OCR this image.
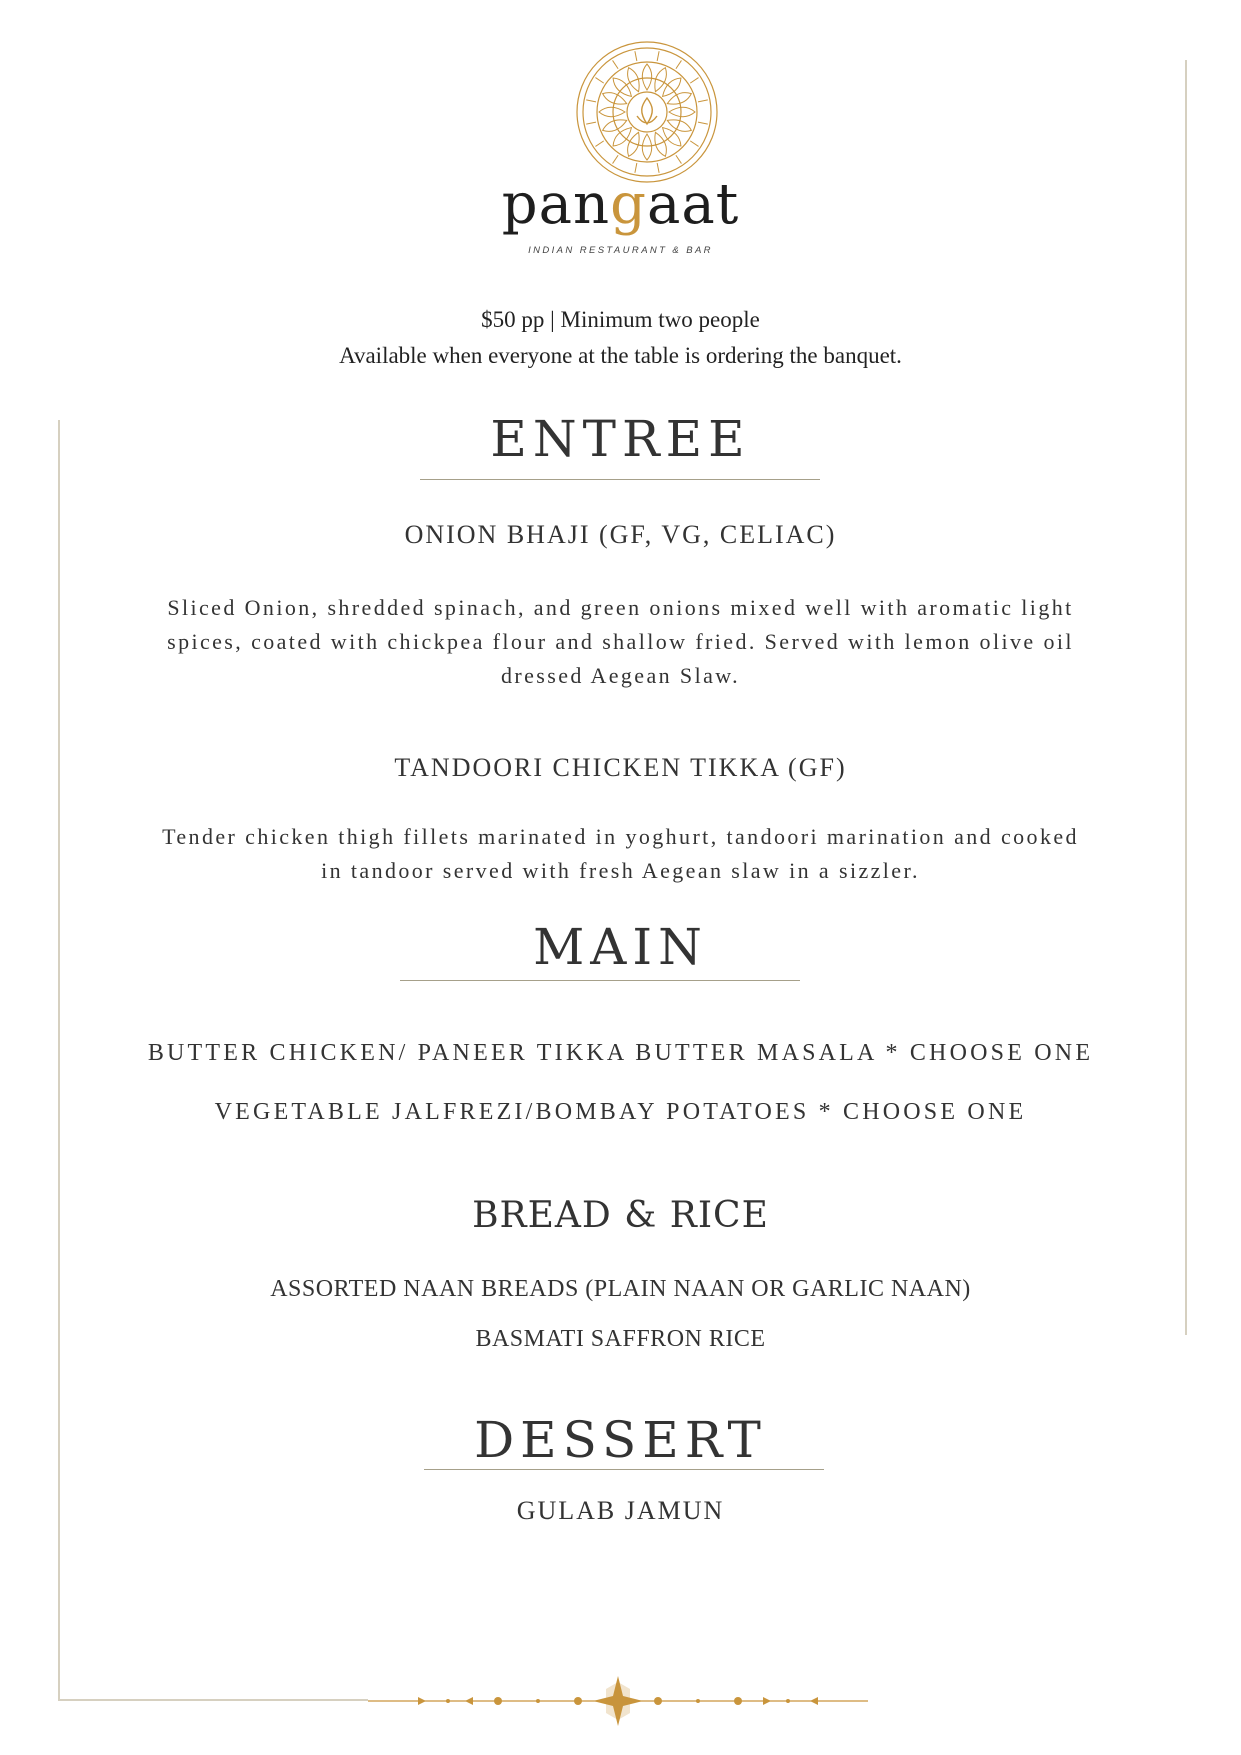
pangaat
INDIAN RESTAURANT & BAR
$50 pp | Minimum two people
Available when everyone at the table is ordering the banquet.
ENTREE
ONION BHAJI (GF, VG, CELIAC)
Sliced Onion, shredded spinach, and green onions mixed well with aromatic light
spices, coated with chickpea flour and shallow fried. Served with lemon olive oil
dressed Aegean Slaw.
TANDOORI CHICKEN TIKKA (GF)
Tender chicken thigh fillets marinated in yoghurt, tandoori marination and cooked
in tandoor served with fresh Aegean slaw in a sizzler.
MAIN
BUTTER CHICKEN/ PANEER TIKKA BUTTER MASALA * CHOOSE ONE
VEGETABLE JALFREZI/BOMBAY POTATOES * CHOOSE ONE
BREAD & RICE
ASSORTED NAAN BREADS (PLAIN NAAN OR GARLIC NAAN)
BASMATI SAFFRON RICE
DESSERT
GULAB JAMUN
